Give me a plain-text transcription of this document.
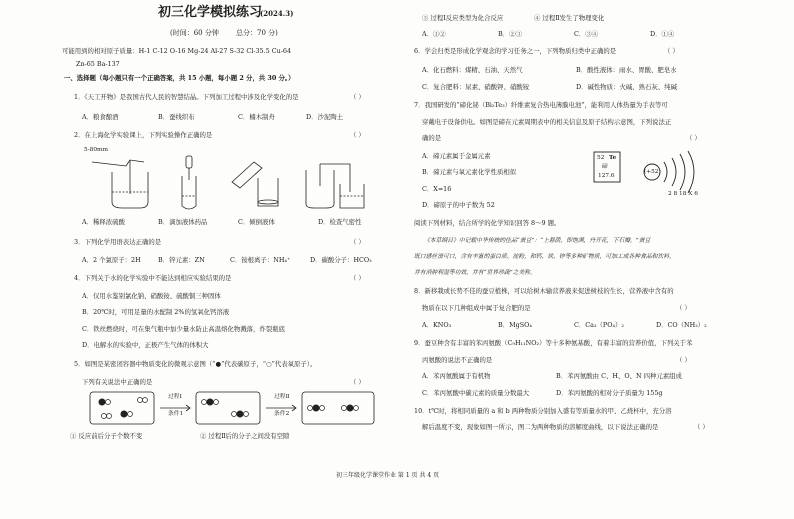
初三化学模拟练习
(2024.3)
(时间：60 分钟 总分：70 分)
可能用到的相对原子质量：H-1 C-12 O-16 Mg-24 Al-27 S-32 Cl-35.5 Cu-64
Zn-65 Ba-137
一、选择题（每小题只有一个正确答案，共 15 小题，每小题 2 分，共 30 分。）
1．《天工开物》是我国古代人民的智慧结晶。下列加工过程中涉及化学变化的是	（ ）
A．粮食酿酒	B．蚕线织布	C．楠木制舟	D．沙泥陶土
2．在上海化学实验课上，下列实验操作正确的是	（ ）
5-80mm
A．稀释浓硫酸	B．滴加液体药品	C．倾倒液体	D．检查气密性
3．下列化学用语表达正确的是	（ ）
A．2 个氯原子：2H	B．锌元素：ZN	C．铵根离子：NH₄⁺	D．碳酸分子：HCO₃
4．下列关于水的化学实验中不能达到相应实验结果的是	（ ）
A．仅用水鉴别氯化钠、硝酸铵、硫酸铜三种固体
B．20℃时，可用足量的水配制 2%的氢氧化钙溶液
C．铁丝燃烧时，可在集气瓶中加少量水防止高温熔化物溅落，炸裂瓶底
D．电解水的实验中，正极产生气体的体积大
5．如图是某密闭容器中物质变化的微观示意图（“●”代表碳原子，“○”代表氧原子）。
下列有关说法中正确的是	（ ）
过程Ⅰ
条件1
过程Ⅱ
条件2
① 反应前后分子个数不变	② 过程Ⅱ后的分子之间没有空隙
③ 过程Ⅰ反应类型为化合反应	④ 过程Ⅱ发生了物理变化
A．①②	B．②③	C．③④	D．①④
6．学会归类是形成化学观念的学习任务之一，下列物质归类中正确的是	（ ）
A．化石燃料：煤精、石油、天然气	B．酸性液体：雨水、胃酸、肥皂水
C．复合肥料：尿素、硝酸钾、硝酸铵	D．碱性物质：火碱、熟石灰、纯碱
7．我国研发的“碲化铋（Bi₂Te₃）纤维素复合热电薄膜电池”，能利用人体热量为手表等可
穿戴电子设备供电。如图是碲在元素周期表中的相关信息及原子结构示意图，下列说法正
确的是	（ ）
A．碲元素属于金属元素
B．碲元素与氧元素化学性质相似
C．X=16
D．碲原子的中子数为 52
52 Te
碲
127.6
(+52)
2 8 18 X 6
阅读下列材料，结合所学的化学知识回答 8～9 题。
《本草纲目》中记载中华传统的佳品“蚕豆”：“上悬荫，即饱满，丹开花，下石瓣。”蚕豆
既口感丝滑可口，含有丰富的蛋白质、淀粉，和钙、铁、锌等多种矿物质，可加工成各种食品和饮料，
并有消肿利湿等功效，并有“世界珍蔬”之美称。
8．新移栽或长势不佳的蚕豆植株，可以给树木输营养液来促进树枝的生长，营养液中含有的
物质在以下几种组成中属于复合肥的是	（ ）
A．KNO₃	B．MgSO₄	C．Ca₃（PO₄）₂	D．CO（NH₂）₂
9．蚕豆种含有丰富的苯丙氨酸（C₉H₁₁NO₂）等十多种氨基酸，有着丰富的营养价值，下列关于苯
丙氨酸的说法不正确的是	（ ）
A．苯丙氨酸属于有机物	B．苯丙氨酸由 C、H、O、N 四种元素组成
C．苯丙氨酸中碳元素的质量分数最大	D．苯丙氨酸的相对分子质量为 155g
10．t℃时，将相同质量的 a 和 b 两种物质分别加入盛有等质量水的甲、乙烧杯中，充分溶
解后温度不变，现象如图一所示，图二为两种物质的溶解度曲线，以下说法正确的是	（ ）
初三年级化学课堂作业 第 1 页 共 4 页
